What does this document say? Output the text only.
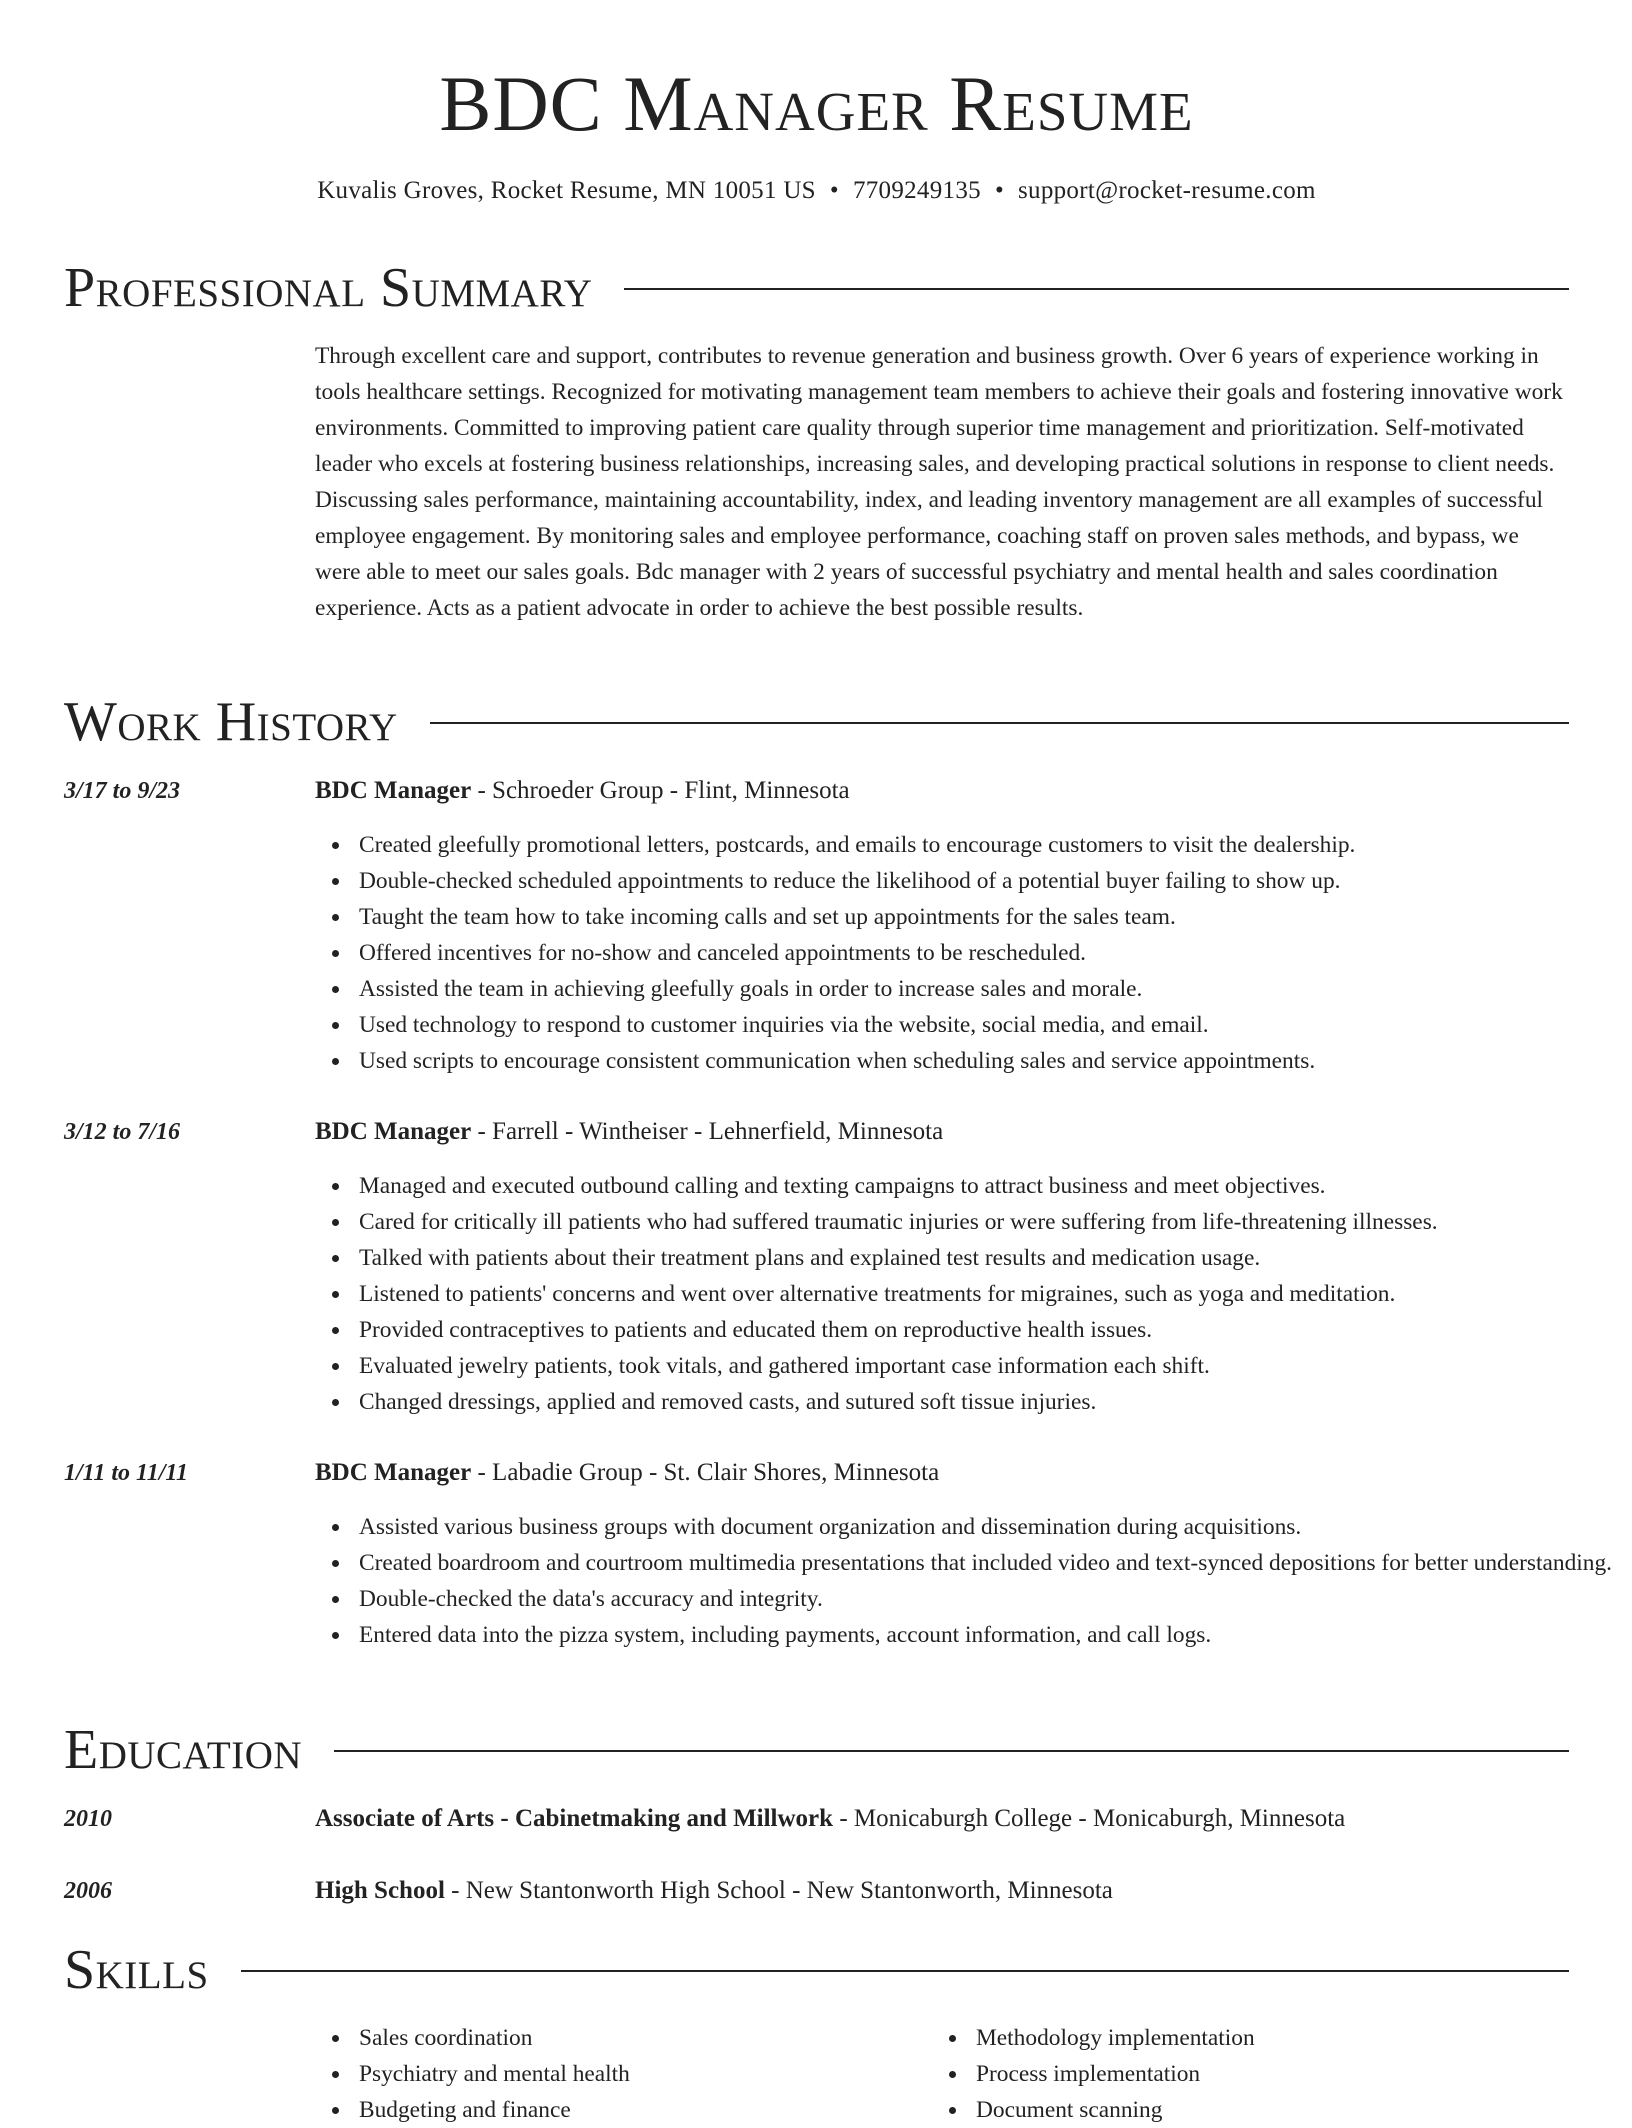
BDC Manager Resume
Kuvalis Groves, Rocket Resume, MN 10051 US • 7709249135 • support@rocket-resume.com
Professional Summary

Through excellent care and support, contributes to revenue generation and business growth. Over 6 years of experience working in tools healthcare settings. Recognized for motivating management team members to achieve their goals and fostering innovative work environments. Committed to improving patient care quality through superior time management and prioritization. Self-motivated leader who excels at fostering business relationships, increasing sales, and developing practical solutions in response to client needs. Discussing sales performance, maintaining accountability, index, and leading inventory management are all examples of successful employee engagement. By monitoring sales and employee performance, coaching staff on proven sales methods, and bypass, we were able to meet our sales goals. Bdc manager with 2 years of successful psychiatry and mental health and sales coordination experience. Acts as a patient advocate in order to achieve the best possible results.

Work History
3/17 to 9/23	BDC Manager - Schroeder Group - Flint, Minnesota
Created gleefully promotional letters, postcards, and emails to encourage customers to visit the dealership.
Double-checked scheduled appointments to reduce the likelihood of a potential buyer failing to show up.
Taught the team how to take incoming calls and set up appointments for the sales team.
Offered incentives for no-show and canceled appointments to be rescheduled.
Assisted the team in achieving gleefully goals in order to increase sales and morale.
Used technology to respond to customer inquiries via the website, social media, and email.
Used scripts to encourage consistent communication when scheduling sales and service appointments.
3/12 to 7/16	BDC Manager - Farrell - Wintheiser - Lehnerfield, Minnesota
Managed and executed outbound calling and texting campaigns to attract business and meet objectives.
Cared for critically ill patients who had suffered traumatic injuries or were suffering from life-threatening illnesses.
Talked with patients about their treatment plans and explained test results and medication usage.
Listened to patients' concerns and went over alternative treatments for migraines, such as yoga and meditation.
Provided contraceptives to patients and educated them on reproductive health issues.
Evaluated jewelry patients, took vitals, and gathered important case information each shift.
Changed dressings, applied and removed casts, and sutured soft tissue injuries.
1/11 to 11/11	BDC Manager - Labadie Group - St. Clair Shores, Minnesota
Assisted various business groups with document organization and dissemination during acquisitions.
Created boardroom and courtroom multimedia presentations that included video and text-synced depositions for better understanding.
Double-checked the data's accuracy and integrity.
Entered data into the pizza system, including payments, account information, and call logs.
Education
2010	Associate of Arts - Cabinetmaking and Millwork - Monicaburgh College - Monicaburgh, Minnesota
2006	High School - New Stantonworth High School - New Stantonworth, Minnesota
Skills
Sales coordination
Psychiatry and mental health
Budgeting and finance
Methodology implementation
Process implementation
Document scanning
